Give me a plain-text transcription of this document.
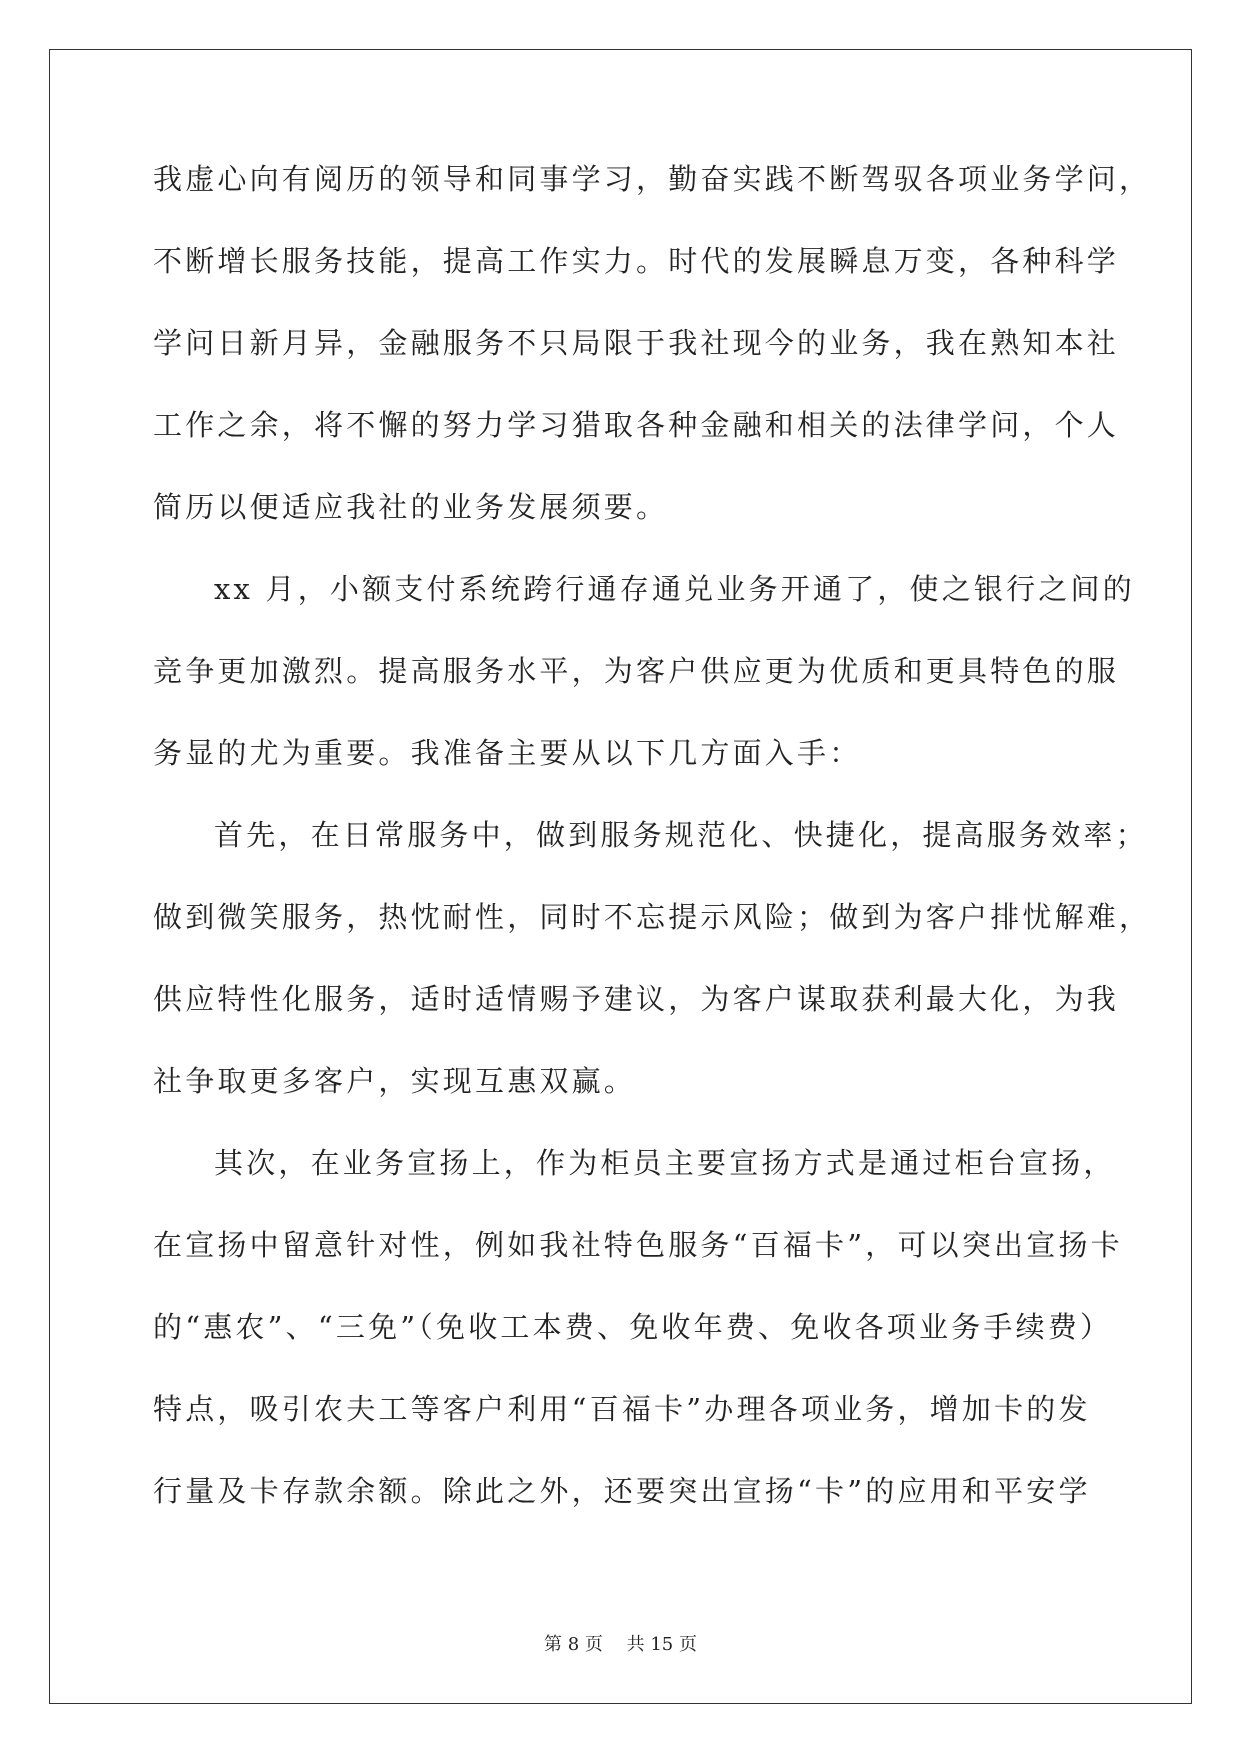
我虚心向有阅历的领导和同事学习，勤奋实践不断驾驭各项业务学问，
不断增长服务技能，提高工作实力。时代的发展瞬息万变，各种科学
学问日新月异，金融服务不只局限于我社现今的业务，我在熟知本社
工作之余，将不懈的努力学习猎取各种金融和相关的法律学问，个人
简历以便适应我社的业务发展须要。
xx 月，小额支付系统跨行通存通兑业务开通了，使之银行之间的
竞争更加激烈。提高服务水平，为客户供应更为优质和更具特色的服
务显的尤为重要。我准备主要从以下几方面入手：
首先，在日常服务中，做到服务规范化、快捷化，提高服务效率；
做到微笑服务，热忱耐性，同时不忘提示风险；做到为客户排忧解难，
供应特性化服务，适时适情赐予建议，为客户谋取获利最大化，为我
社争取更多客户，实现互惠双赢。
其次，在业务宣扬上，作为柜员主要宣扬方式是通过柜台宣扬，
在宣扬中留意针对性，例如我社特色服务“百福卡”，可以突出宣扬卡
的“惠农”、“三免”（免收工本费、免收年费、免收各项业务手续费）
特点，吸引农夫工等客户利用“百福卡”办理各项业务，增加卡的发
行量及卡存款余额。除此之外，还要突出宣扬“卡”的应用和平安学
第 8 页　 共 15 页
